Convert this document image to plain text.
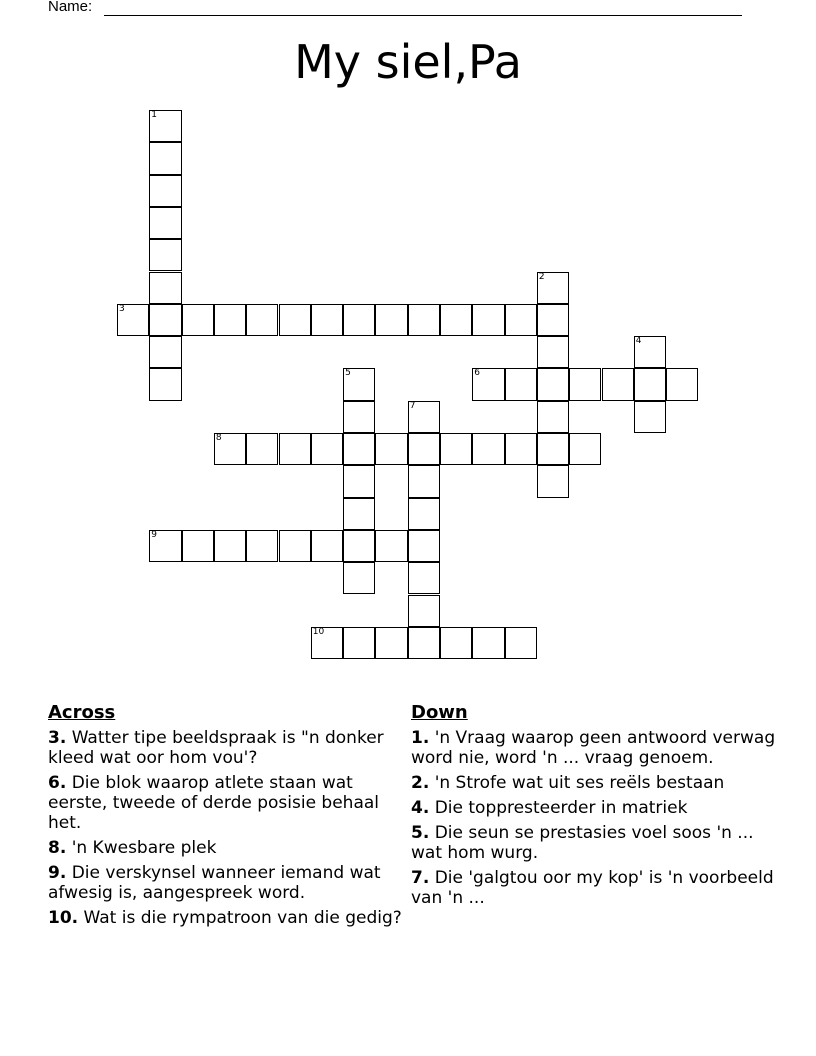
Name:
My siel,Pa
1
2
3
4
5	6
7
8
9
10
Across
3. Watter tipe beeldspraak is "n donker kleed wat oor hom vou'?
6. Die blok waarop atlete staan wat eerste, tweede of derde posisie behaal het.
8. 'n Kwesbare plek
9. Die verskynsel wanneer iemand wat afwesig is, aangespreek word.
10. Wat is die rympatroon van die gedig?
Down
1. 'n Vraag waarop geen antwoord verwag word nie, word 'n ... vraag genoem.
2. 'n Strofe wat uit ses reëls bestaan
4. Die toppresteerder in matriek
5. Die seun se prestasies voel soos 'n ... wat hom wurg.
7. Die 'galgtou oor my kop' is 'n voorbeeld van 'n ...
